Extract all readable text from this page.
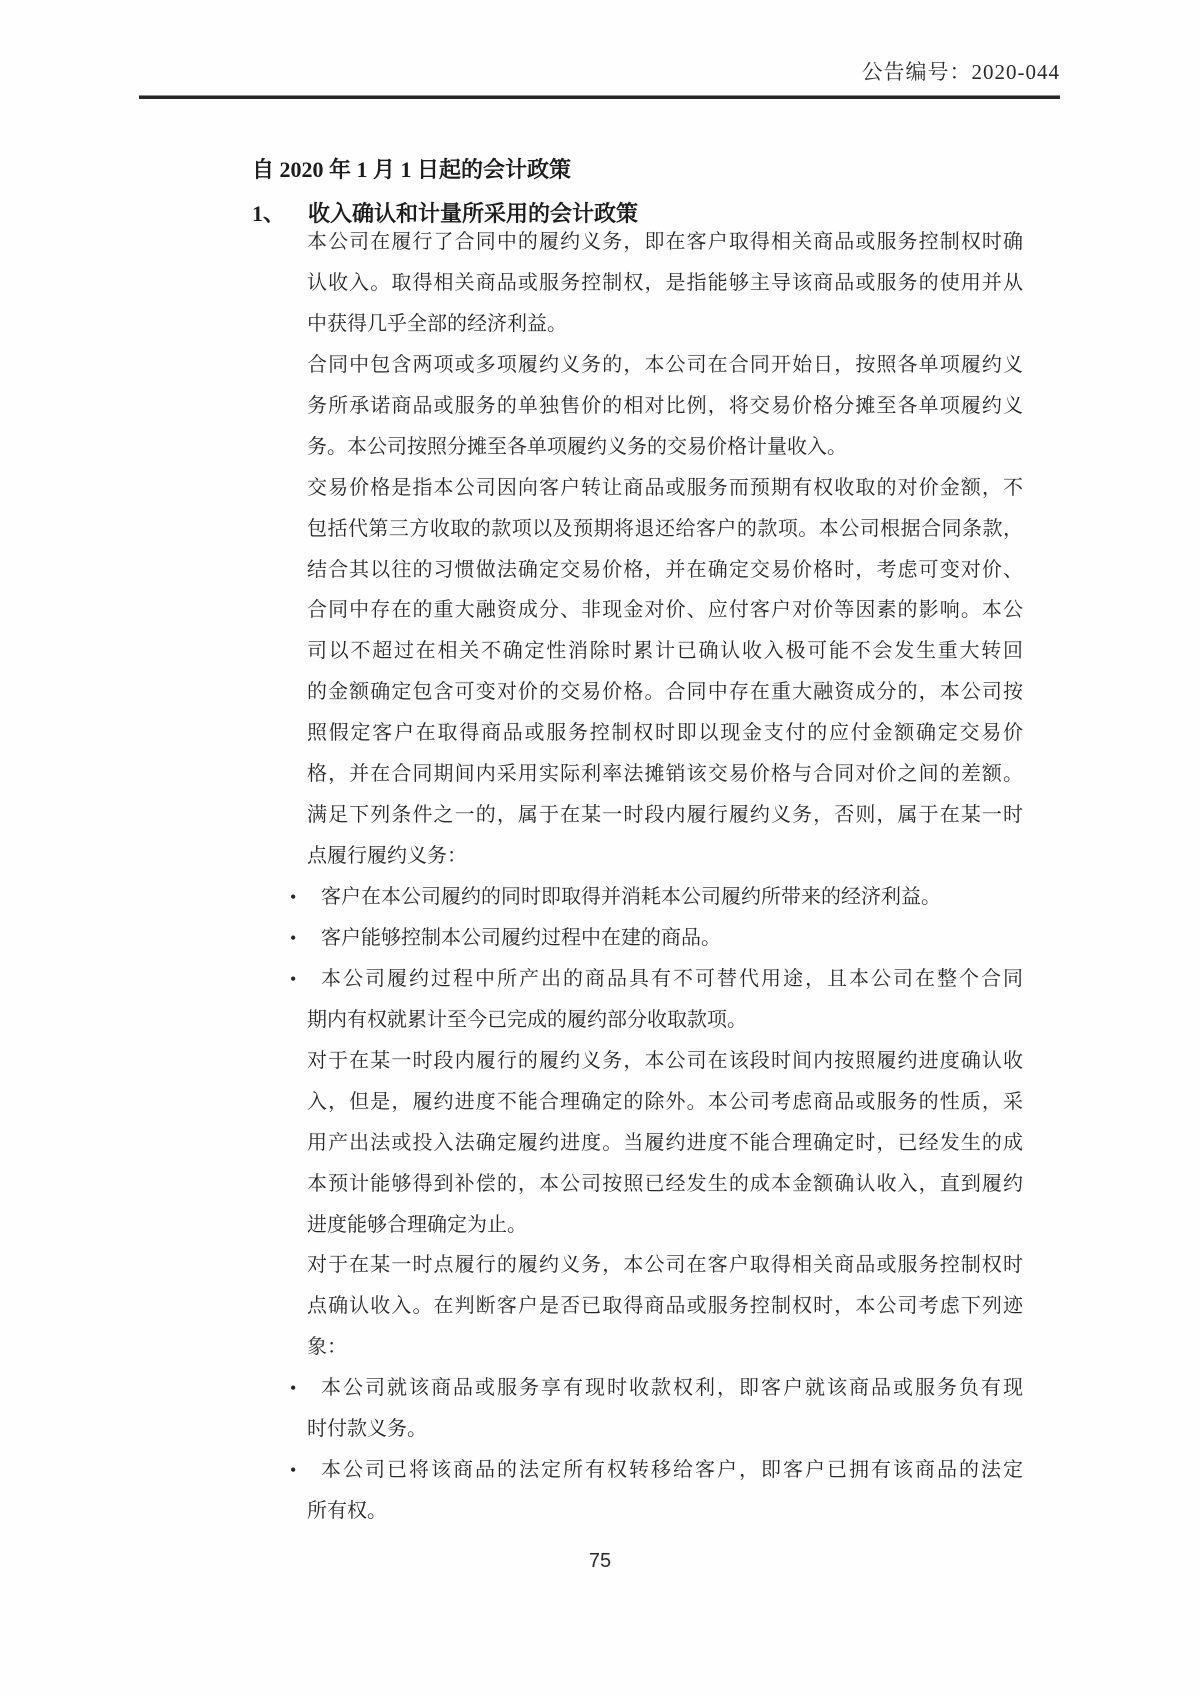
公告编号：2020-044
自 2020 年 1 月 1 日起的会计政策
1、 收入确认和计量所采用的会计政策
本公司在履行了合同中的履约义务，即在客户取得相关商品或服务控制权时确
认收入。取得相关商品或服务控制权，是指能够主导该商品或服务的使用并从
中获得几乎全部的经济利益。
合同中包含两项或多项履约义务的，本公司在合同开始日，按照各单项履约义
务所承诺商品或服务的单独售价的相对比例，将交易价格分摊至各单项履约义
务。本公司按照分摊至各单项履约义务的交易价格计量收入。
交易价格是指本公司因向客户转让商品或服务而预期有权收取的对价金额，不
包括代第三方收取的款项以及预期将退还给客户的款项。本公司根据合同条款，
结合其以往的习惯做法确定交易价格，并在确定交易价格时，考虑可变对价、
合同中存在的重大融资成分、非现金对价、应付客户对价等因素的影响。本公
司以不超过在相关不确定性消除时累计已确认收入极可能不会发生重大转回
的金额确定包含可变对价的交易价格。合同中存在重大融资成分的，本公司按
照假定客户在取得商品或服务控制权时即以现金支付的应付金额确定交易价
格，并在合同期间内采用实际利率法摊销该交易价格与合同对价之间的差额。
满足下列条件之一的，属于在某一时段内履行履约义务，否则，属于在某一时
点履行履约义务：
•	客户在本公司履约的同时即取得并消耗本公司履约所带来的经济利益。
•	客户能够控制本公司履约过程中在建的商品。
•	本公司履约过程中所产出的商品具有不可替代用途，且本公司在整个合同
期内有权就累计至今已完成的履约部分收取款项。
对于在某一时段内履行的履约义务，本公司在该段时间内按照履约进度确认收
入，但是，履约进度不能合理确定的除外。本公司考虑商品或服务的性质，采
用产出法或投入法确定履约进度。当履约进度不能合理确定时，已经发生的成
本预计能够得到补偿的，本公司按照已经发生的成本金额确认收入，直到履约
进度能够合理确定为止。
对于在某一时点履行的履约义务，本公司在客户取得相关商品或服务控制权时
点确认收入。在判断客户是否已取得商品或服务控制权时，本公司考虑下列迹
象：
•	本公司就该商品或服务享有现时收款权利，即客户就该商品或服务负有现
时付款义务。
•	本公司已将该商品的法定所有权转移给客户，即客户已拥有该商品的法定
所有权。
75
